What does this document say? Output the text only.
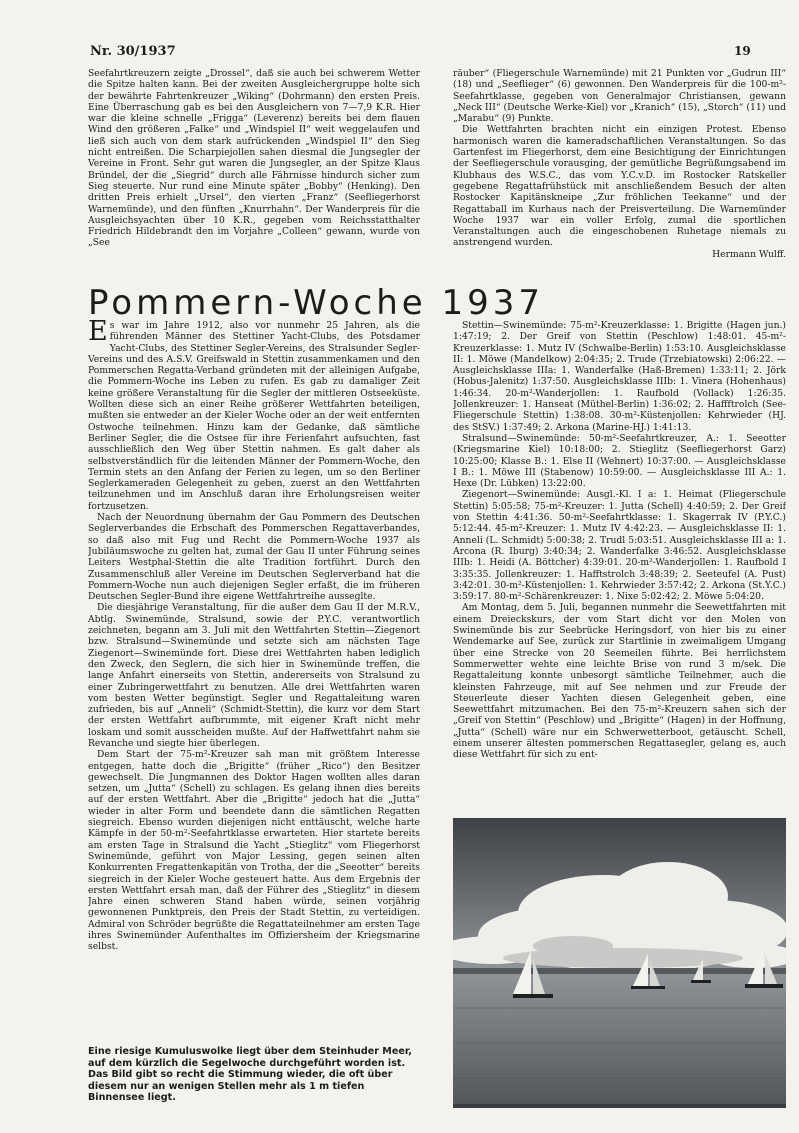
Nr. 30/1937	19

Seefahrtkreuzern zeigte „Drossel“, daß sie auch bei schwerem Wetter die Spitze halten kann. Bei der zweiten Ausgleichergruppe holte sich der bewährte Fahrtenkreuzer „Wiking“ (Dohrmann) den ersten Preis. Eine Überraschung gab es bei den Ausgleichern von 7—7,9 K.R. Hier war die kleine schnelle „Frigga“ (Leverenz) bereits bei dem flauen Wind den größeren „Falke“ und „Windspiel II“ weit weggelaufen und ließ sich auch von dem stark aufrückenden „Windspiel II“ den Sieg nicht entreißen. Die Scharpiejollen sahen diesmal die Jungsegler der Vereine in Front. Sehr gut waren die Jungsegler, an der Spitze Klaus Bründel, der die „Siegrid“ durch alle Fährnisse hindurch sicher zum Sieg steuerte. Nur rund eine Minute später „Bobby“ (Henking). Den dritten Preis erhielt „Ursel“, den vierten „Franz“ (Seefliegerhorst Warnemünde), und den fünften „Knurrhahn“. Der Wanderpreis für die Ausgleichsyachten über 10 K.R., gegeben vom Reichsstatthalter Friedrich Hildebrandt den im Vorjahre „Colleen“ gewann, wurde von „See

räuber“ (Fliegerschule Warnemünde) mit 21 Punkten vor „Gudrun III“ (18) und „Seeflieger“ (6) gewonnen. Den Wanderpreis für die 100-m²-Seefahrtklasse, gegeben von Generalmajor Christiansen, gewann „Neck III“ (Deutsche Werke-Kiel) vor „Kranich“ (15), „Storch“ (11) und „Marabu“ (9) Punkte.

Die Wettfahrten brachten nicht ein einzigen Protest. Ebenso harmonisch waren die kameradschaftlichen Veranstaltungen. So das Gartenfest im Fliegerhorst, dem eine Besichtigung der Einrichtungen der Seefliegerschule vorausging, der gemütliche Begrüßungsabend im Klubhaus des W.S.C., das vom Y.C.v.D. im Rostocker Ratskeller gegebene Regattafrühstück mit anschließendem Besuch der alten Rostocker Kapitänskneipe „Zur fröhlichen Teekanne“ und der Regattaball im Kurhaus nach der Preisverteilung. Die Warnemünder Woche 1937 war ein voller Erfolg, zumal die sportlichen Veranstaltungen auch die eingeschobenen Ruhetage niemals zu anstrengend wurden.

Hermann Wulff.
Pommern-Woche 1937

Es war im Jahre 1912, also vor nunmehr 25 Jahren, als die führenden Männer des Stettiner Yacht-Clubs, des Potsdamer Yacht-Clubs, des Stettiner Segler-Vereins, des Stralsunder Segler-Vereins und des A.S.V. Greifswald in Stettin zusammenkamen und den Pommerschen Regatta-Verband gründeten mit der alleinigen Aufgabe, die Pommern-Woche ins Leben zu rufen. Es gab zu damaliger Zeit keine größere Veranstaltung für die Segler der mittleren Ostseeküste. Wollten diese sich an einer Reihe größerer Wettfahrten beteiligen, mußten sie entweder an der Kieler Woche oder an der weit entfernten Ostwoche teilnehmen. Hinzu kam der Gedanke, daß sämtliche Berliner Segler, die die Ostsee für ihre Ferienfahrt aufsuchten, fast ausschließlich den Weg über Stettin nahmen. Es galt daher als selbstverständlich für die leitenden Männer der Pommern-Woche, den Termin stets an den Anfang der Ferien zu legen, um so den Berliner Seglerkameraden Gelegenheit zu geben, zuerst an den Wettfahrten teilzunehmen und im Anschluß daran ihre Erholungsreisen weiter fortzusetzen.

Nach der Neuordnung übernahm der Gau Pommern des Deutschen Seglerverbandes die Erbschaft des Pommerschen Regattaverbandes, so daß also mit Fug und Recht die Pommern-Woche 1937 als Jubiläumswoche zu gelten hat, zumal der Gau II unter Führung seines Leiters Westphal-Stettin die alte Tradition fortführt. Durch den Zusammenschluß aller Vereine im Deutschen Seglerverband hat die Pommern-Woche nun auch diejenigen Segler erfaßt, die im früheren Deutschen Segler-Bund ihre eigene Wettfahrtreihe ausseglte.

Die diesjährige Veranstaltung, für die außer dem Gau II der M.R.V., Abtlg. Swinemünde, Stralsund, sowie der P.Y.C. verantwortlich zeichneten, begann am 3. Juli mit den Wettfahrten Stettin—Ziegenort bzw. Stralsund—Swinemünde und setzte sich am nächsten Tage Ziegenort—Swinemünde fort. Diese drei Wettfahrten haben lediglich den Zweck, den Seglern, die sich hier in Swinemünde treffen, die lange Anfahrt einerseits von Stettin, andererseits von Stralsund zu einer Zubringerwettfahrt zu benutzen. Alle drei Wettfahrten waren vom besten Wetter begünstigt. Segler und Regattaleitung waren zufrieden, bis auf „Anneli“ (Schmidt-Stettin), die kurz vor dem Start der ersten Wettfahrt aufbrummte, mit eigener Kraft nicht mehr loskam und somit ausscheiden mußte. Auf der Haffwettfahrt nahm sie Revanche und siegte hier überlegen.

Dem Start der 75-m²-Kreuzer sah man mit größtem Interesse entgegen, hatte doch die „Brigitte“ (früher „Rico“) den Besitzer gewechselt. Die Jungmannen des Doktor Hagen wollten alles daran setzen, um „Jutta“ (Schell) zu schlagen. Es gelang ihnen dies bereits auf der ersten Wettfahrt. Aber die „Brigitte“ jedoch hat die „Jutta“ wieder in alter Form und beendete dann die sämtlichen Regatten siegreich. Ebenso wurden diejenigen nicht enttäuscht, welche harte Kämpfe in der 50-m²-Seefahrtklasse erwarteten. Hier startete bereits am ersten Tage in Stralsund die Yacht „Stieglitz“ vom Fliegerhorst Swinemünde, geführt von Major Lessing, gegen seinen alten Konkurrenten Fregattenkapitän von Trotha, der die „Seeotter“ bereits siegreich in der Kieler Woche gesteuert hatte. Aus dem Ergebnis der ersten Wettfahrt ersah man, daß der Führer des „Stieglitz“ in diesem Jahre einen schweren Stand haben würde, seinen vorjährig gewonnenen Punktpreis, den Preis der Stadt Stettin, zu verteidigen. Admiral von Schröder begrüßte die Regattateilnehmer am ersten Tage ihres Swinemünder Aufenthaltes im Offiziersheim der Kriegsmarine selbst.

Stettin—Swinemünde: 75-m²-Kreuzerklasse: 1. Brigitte (Hagen jun.) 1:47:19; 2. Der Greif von Stettin (Peschlow) 1:48:01. 45-m²-Kreuzerklasse: 1. Mutz IV (Schwalbe-Berlin) 1:53:10. Ausgleichsklasse II: 1. Möwe (Mandelkow) 2:04:35; 2. Trude (Trzebiatowski) 2:06:22. — Ausgleichsklasse IIIa: 1. Wanderfalke (Haß-Bremen) 1:33:11; 2. Jörk (Hobus-Jalenitz) 1:37:50. Ausgleichsklasse IIIb: 1. Vinera (Hohenhaus) 1:46:34. 20-m²-Wanderjollen: 1. Raufbold (Vollack) 1:26:35. Jollenkreuzer: 1. Hanseat (Müthel-Berlin) 1:36:02; 2. Haffftrolch (See-Fliegerschule Stettin) 1:38:08. 30-m²-Küstenjollen: Kehrwieder (HJ. des StSV.) 1:37:49; 2. Arkona (Marine-HJ.) 1:41:13.

Stralsund—Swinemünde: 50-m²-Seefahrtkreuzer, A.: 1. Seeotter (Kriegsmarine Kiel) 10:18:00; 2. Stieglitz (Seefliegerhorst Garz) 10:25:00; Klasse B.: 1. Else II (Wehnert) 10:37:00. — Ausgleichsklasse I B.: 1. Möwe III (Stabenow) 10:59:00. — Ausgleichsklasse III A.: 1. Hexe (Dr. Lübken) 13:22:00.

Ziegenort—Swinemünde: Ausgl.-Kl. I a: 1. Heimat (Fliegerschule Stettin) 5:05:58; 75-m²-Kreuzer: 1. Jutta (Schell) 4:40:59; 2. Der Greif von Stettin 4:41:36. 50-m²-Seefahrtklasse: 1. Skagerrak IV (P.Y.C.) 5:12:44. 45-m²-Kreuzer: 1. Mutz IV 4:42:23. — Ausgleichsklasse II: 1. Anneli (L. Schmidt) 5:00:38; 2. Trudl 5:03:51. Ausgleichsklasse III a: 1. Arcona (R. Iburg) 3:40:34; 2. Wanderfalke 3:46:52. Ausgleichsklasse IIIb: 1. Heidi (A. Böttcher) 4:39:01. 20-m²-Wanderjollen: 1. Raufbold I 3:35:35. Jollenkreuzer: 1. Hafftstrolch 3:48:39; 2. Seeteufel (A. Pust) 3:42:01. 30-m²-Küstenjollen: 1. Kehrwieder 3:57:42; 2. Arkona (St.Y.C.) 3:59:17. 80-m²-Schärenkreuzer: 1. Nixe 5:02:42; 2. Möwe 5:04:20.

Am Montag, dem 5. Juli, begannen nunmehr die Seewettfahrten mit einem Dreieckskurs, der vom Start dicht vor den Molen von Swinemünde bis zur Seebrücke Heringsdorf, von hier bis zu einer Wendemarke auf See, zurück zur Startlinie in zweimaligem Umgang über eine Strecke von 20 Seemeilen führte. Bei herrlichstem Sommerwetter wehte eine leichte Brise von rund 3 m/sek. Die Regattaleitung konnte unbesorgt sämtliche Teilnehmer, auch die kleinsten Fahrzeuge, mit auf See nehmen und zur Freude der Steuerleute dieser Yachten diesen Gelegenheit geben, eine Seewettfahrt mitzumachen. Bei den 75-m²-Kreuzern sahen sich der „Greif von Stettin“ (Peschlow) und „Brigitte“ (Hagen) in der Hoffnung, „Jutta“ (Schell) wäre nur ein Schwerwetterboot, getäuscht. Schell, einem unserer ältesten pommerschen Regattasegler, gelang es, auch diese Wettfahrt für sich zu ent-

Eine riesige Kumuluswolke liegt über dem Steinhuder Meer, auf dem kürzlich die Segelwoche durchgeführt worden ist. Das Bild gibt so recht die Stimmung wieder, die oft über diesem nur an wenigen Stellen mehr als 1 m tiefen Binnensee liegt.
